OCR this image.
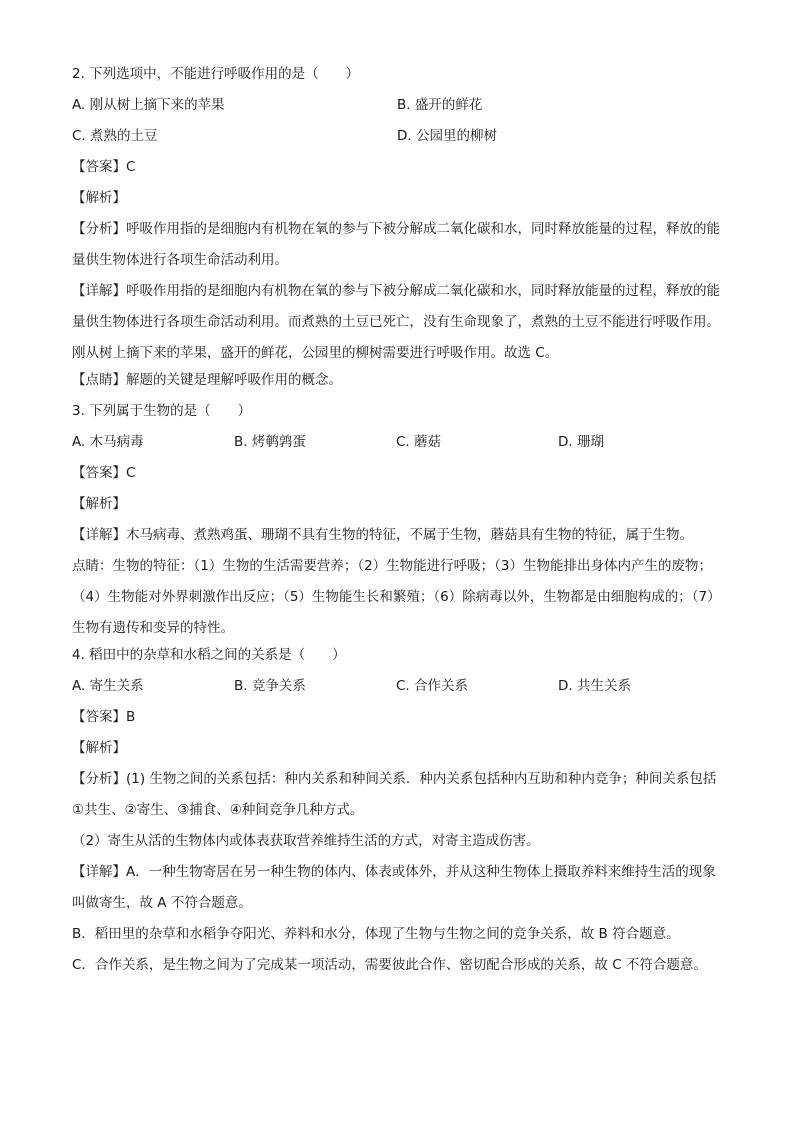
2. 下列选项中，不能进行呼吸作用的是（　　）
A. 刚从树上摘下来的苹果	B. 盛开的鲜花
C. 煮熟的土豆	D. 公园里的柳树
【答案】C
【解析】
【分析】呼吸作用指的是细胞内有机物在氧的参与下被分解成二氧化碳和水，同时释放能量的过程，释放的能量供生物体进行各项生命活动利用。
【详解】呼吸作用指的是细胞内有机物在氧的参与下被分解成二氧化碳和水，同时释放能量的过程，释放的能量供生物体进行各项生命活动利用。而煮熟的土豆已死亡，没有生命现象了，煮熟的土豆不能进行呼吸作用。刚从树上摘下来的苹果，盛开的鲜花，公园里的柳树需要进行呼吸作用。故选 C。
【点睛】解题的关键是理解呼吸作用的概念。
3. 下列属于生物的是（　　）
A. 木马病毒	B. 烤鹌鹑蛋	C. 蘑菇	D. 珊瑚
【答案】C
【解析】
【详解】木马病毒、煮熟鸡蛋、珊瑚不具有生物的特征，不属于生物，蘑菇具有生物的特征，属于生物。
点睛：生物的特征：（1）生物的生活需要营养；（2）生物能进行呼吸；（3）生物能排出身体内产生的废物；（4）生物能对外界刺激作出反应；（5）生物能生长和繁殖；（6）除病毒以外，生物都是由细胞构成的；（7）生物有遗传和变异的特性。
4. 稻田中的杂草和水稻之间的关系是（　　）
A. 寄生关系	B. 竞争关系	C. 合作关系	D. 共生关系
【答案】B
【解析】
【分析】(1) 生物之间的关系包括：种内关系和种间关系．种内关系包括种内互助和种内竞争；种间关系包括①共生、②寄生、③捕食、④种间竞争几种方式。
（2）寄生从活的生物体内或体表获取营养维持生活的方式，对寄主造成伤害。
【详解】A．一种生物寄居在另一种生物的体内、体表或体外，并从这种生物体上摄取养料来维持生活的现象叫做寄生，故 A 不符合题意。
B．稻田里的杂草和水稻争夺阳光、养料和水分，体现了生物与生物之间的竞争关系，故 B 符合题意。
C．合作关系，是生物之间为了完成某一项活动，需要彼此合作、密切配合形成的关系，故 C 不符合题意。
